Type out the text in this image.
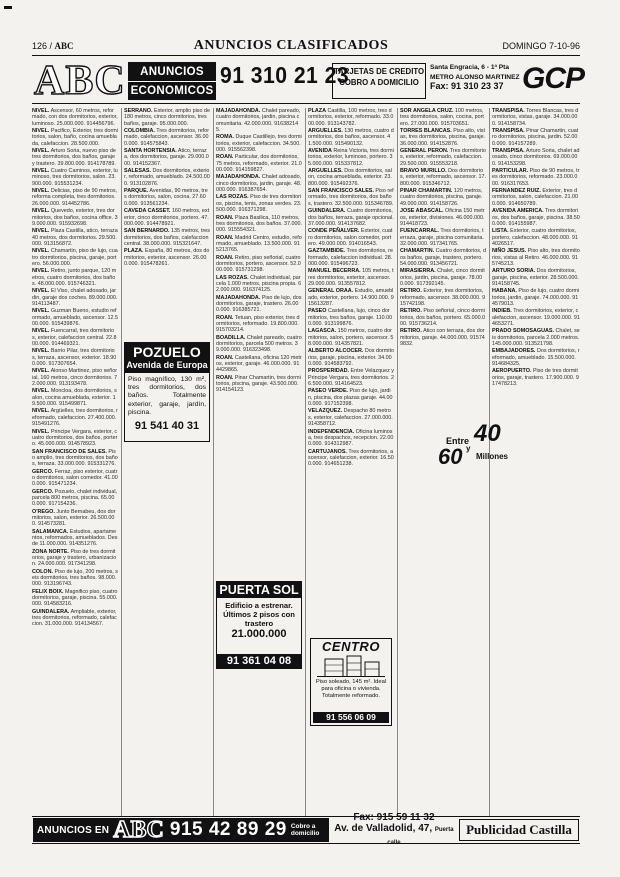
126 / ABC	ANUNCIOS CLASIFICADOS	DOMINGO 7-10-96
ABC	ANUNCIOS
ECONOMICOS
91 310 21 23
TARJETAS DE CREDITO
COBRO A DOMICILIO
Santa Engracia, 6 - 1ª Pta
METRO ALONSO MARTINEZ
Fax: 91 310 23 37 GCP
NIVEL. Ascensor, 60 metros, reformado, con dos dormitorios, exterior, luminoso. 25.000.000. 914456796.
NIVEL. Pacifico, Exterior, tres dormitorios, salon, baño, cocina amueblada, calefaccion. 28.500.000.
NIVEL. Arturo Soria, nuevo piso de tres dormitorios, dos baños, garaje y trastero. 39.800.000. 914178789.
NIVEL. Cuatro Caminos, exterior, luminoso, tres dormitorios, salon. 23.900.000. 915531234.
NIVEL. Delicias, piso de 90 metros, reforma completa, tres dormitorios. 26.000.000. 914452786.
NIVEL. Quevedo, exterior, tres dormitorios, dos baños, cocina office. 39.000.000. 915932698.
NIVEL. Plaza Castilla, atico, terraza 40 metros, dos dormitorios. 29.500.000. 913156872.
NIVEL. Chamartin, piso de lujo, cuatro dormitorios, piscina, garaje, portero. 56.000.000.
NIVEL. Retiro, junto parque, 120 metros, cuatro dormitorios, dos baños. 48.000.000. 915746321.
NIVEL. El Viso, chalet adosado, jardin, garaje dos coches. 89.000.000. 914113487.
NIVEL. Guzman Bueno, estudio reformado, amueblado, ascensor. 12.500.000. 915439876.
NIVEL. Fuencarral, tres dormitorios, exterior, calefaccion central. 22.800.000. 914469321.
NIVEL. Barrio Pilar, tres dormitorios, terraza, ascensor, exterior. 18.900.000. 917307654.
NIVEL. Alonso Martinez, piso señorial, 160 metros, cinco dormitorios. 72.000.000. 913193478.
NIVEL. Moncloa, dos dormitorios, salon, cocina amueblada, exterior. 19.500.000. 915499871.
NIVEL. Argüelles, tres dormitorios, reformado, calefaccion. 27.400.000. 915491276.
NIVEL. Principe Vergara, exterior, cuatro dormitorios, dos baños, portero. 45.000.000. 914578923.
SAN FRANCISCO DE SALES. Piso amplio, tres dormitorios, dos baños, terraza. 33.000.000. 915331276.
GERCO. Ferraz, piso exterior, cuatro dormitorios, salon comedor. 41.000.000. 915471234.
GERCO. Pozuelo, chalet individual, parcela 800 metros, piscina. 65.000.000. 917154236.
O'REGO. Junto Bernabeu, dos dormitorios, salon, exterior. 26.500.000. 914573281.
SALAMANCA. Estudios, apartamentos, reformados, amueblados. Desde 11.000.000. 914351276.
ZONA NORTE. Piso de tres dormitorios, garaje y trastero, urbanizacion. 24.000.000. 917341298.
COLON. Piso de lujo, 200 metros, seis dormitorios, tres baños. 98.000.000. 913196743.
FELIX BOIX. Magnifico piso, cuatro dormitorios, garaje, piscina. 55.000.000. 914583216.
GUINDALERA. Ampliable, exterior, tres dormitorios, reformado, calefaccion. 31.000.000. 914134567.
SERRANO. Exterior, amplio piso de 180 metros, cinco dormitorios, tres baños, garaje. 95.000.000.
COLOMBIA. Tres dormitorios, reformado, calefaccion, ascensor. 36.000.000. 914575843.
SANTA HORTENSIA. Atico, terraza, dos dormitorios, garaje. 29.000.000. 914152367.
SALESAS. Dos dormitorios, exterior, reformado, amueblado. 24.500.000. 913102876.
PARQUE. Avenidas, 90 metros, tres dormitorios, salon, cocina. 27.600.000. 913561234.
CAVEDA CASSET. 160 metros, exterior, cinco dormitorios, portero. 47.000.000. 914478921.
SAN BERNARDO. 135 metros, tres dormitorios, dos baños, calefaccion central. 38.000.000. 915321647.
PLAZA. España, 80 metros, dos dormitorios, exterior, ascensor. 26.000.000. 915478261.
MAJADAHONDA. Chalet pareado, cuatro dormitorios, jardin, piscina comunitaria. 42.000.000. 916382145.
ROMA. Duque Castillejo, tres dormitorios, exterior, calefaccion. 34.500.000. 915562398.
ROAN. Particular, dos dormitorios, 75 metros, reformado, exterior. 21.000.000. 914159827.
MAJADAHONDA. Chalet adosado, cinco dormitorios, jardin, garaje. 48.000.000. 916387654.
LAS ROZAS. Piso de tres dormitorios, piscina, tenis, zonas verdes. 23.500.000. 916371298.
ROAN. Plaza Basilica, 110 metros, tres dormitorios, dos baños. 37.000.000. 915554321.
ROAN. Madrid Centro, estudio, reformado, amueblado. 13.500.000. 915213765.
ROAN. Retiro, piso señorial, cuatro dormitorios, portero, ascensor. 52.000.000. 915731298.
LAS ROZAS. Chalet individual, parcela 1.000 metros, piscina propia. 62.000.000. 916374125.
MAJADAHONDA. Piso de lujo, dos dormitorios, garaje, trastero. 26.000.000. 916385721.
ROAN. Tetuan, piso exterior, tres dormitorios, reformado. 19.800.000. 915703214.
BOADILLA. Chalet pareado, cuatro dormitorios, parcela 500 metros. 39.000.000. 916323498.
ROAN. Castellana, oficina 120 metros, exterior, garaje. 46.000.000. 914429865.
ROAN. Pinar Chamartin, tres dormitorios, piscina, garaje. 43.500.000. 914154123.
PLAZA Castilla, 100 metros, tres dormitorios, exterior, reformado. 33.000.000. 913143782.
ARGUELLES. 130 metros, cuatro dormitorios, dos baños, ascensor. 41.500.000. 915490132.
AVENIDA Reina Victoria, tres dormitorios, exterior, luminoso, portero. 35.000.000. 915337812.
ARGUELLES. Dos dormitorios, salon, cocina amueblada, exterior. 23.800.000. 915492376.
SAN FRANCISCO SALES. Piso reformado, tres dormitorios, dos baños, trastero. 32.500.000. 915346789.
GUINDALERA. Cuatro dormitorios, dos baños, terraza, garaje opcional. 37.000.000. 914137682.
CONDE PEÑALVER. Exterior, cuatro dormitorios, salon comedor, portero. 49.000.000. 914016543.
GAZTAMBIDE. Tres dormitorios, reformado, calefaccion individual. 28.000.000. 915496723.
MANUEL BECERRA. 105 metros, tres dormitorios, exterior, ascensor. 29.000.000. 913557812.
GENERAL ORAA. Estudio, amueblado, exterior, portero. 14.900.000. 915613287.
PASEO Castellana, lujo, cinco dormitorios, tres baños, garaje. 110.000.000. 913199876.
LAGASCA. 150 metros, cuatro dormitorios, salon, portero, ascensor. 58.000.000. 914357821.
ALBERTO ALCOCER. Dos dormitorios, garaje, piscina, exterior. 34.000.000. 914583792.
PROSPERIDAD. Entre Velazquez y Principe Vergara, tres dormitorios. 26.500.000. 914164523.
PASEO VERDE. Piso de lujo, jardin, piscina, dos plazas garaje. 44.000.000. 917152398.
VELAZQUEZ. Despacho 80 metros, exterior, calefaccion. 27.000.000. 914358712.
INDEPENDENCIA. Oficina luminosa, tres despachos, recepcion. 22.000.000. 914312987.
CARTUJANOS. Tres dormitorios, ascensor, calefaccion, exterior. 16.500.000. 914651238.
SOR ANGELA CRUZ. 100 metros, tres dormitorios, salon, cocina, portero. 27.000.000. 915703651.
TORRES BLANCAS. Piso alto, vistas, tres dormitorios, piscina, garaje. 36.000.000. 914152876.
GENERAL PERON. Tres dormitorios, exterior, reformado, calefaccion. 29.500.000. 915553218.
BRAVO MURILLO. Dos dormitorios, exterior, reformado, ascensor. 17.800.000. 915346712.
PINAR CHAMARTIN. 120 metros, cuatro dormitorios, piscina, garaje. 49.000.000. 914158726.
JOSE ABASCAL. Oficina 150 metros, exterior, divisiones. 46.000.000. 914418723.
FUENCARRAL. Tres dormitorios, terraza, garaje, piscina comunitaria. 32.000.000. 917341765.
CHAMARTIN. Cuatro dormitorios, dos baños, garaje, trastero, portero. 54.000.000. 913456721.
MIRASIERRA. Chalet, cinco dormitorios, jardin, piscina, garaje. 78.000.000. 917392145.
RETIRO. Exterior, tres dormitorios, reformado, ascensor. 38.000.000. 915742198.
RETIRO. Piso señorial, cinco dormitorios, dos baños, portero. 65.000.000. 915736214.
RETIRO. Atico con terraza, dos dormitorios, garaje. 44.000.000. 915749832.
TRANSPISA. Torres Blancas, tres dormitorios, vistas, garaje. 34.000.000. 914158734.
TRANSPISA. Pinar Chamartin, cuatro dormitorios, piscina, jardin. 52.000.000. 914157289.
TRANSPISA. Arturo Soria, chalet adosado, cinco dormitorios. 69.000.000. 914153298.
PARTICULAR. Piso de 90 metros, tres dormitorios, reformado. 23.000.000. 916317653.
FERNANDEZ RUIZ. Exterior, tres dormitorios, salon, calefaccion. 21.000.000. 914650789.
AVENIDA AMERICA. Tres dormitorios, dos baños, garaje, piscina. 38.500.000. 914155987.
LISTA. Exterior, cuatro dormitorios, portero, calefaccion. 48.000.000. 914026517.
NIÑO JESUS. Piso alto, tres dormitorios, vistas al Retiro. 46.000.000. 915745213.
ARTURO SORIA. Dos dormitorios, garaje, piscina, exterior. 28.500.000. 914158745.
HABANA. Piso de lujo, cuatro dormitorios, jardin, garaje. 74.000.000. 914579013.
INDIEB. Tres dormitorios, exterior, calefaccion, ascensor. 19.000.000. 914653271.
PRADO SOMOSAGUAS. Chalet, seis dormitorios, parcela 2.000 metros. 145.000.000. 913521798.
EMBAJADORES. Dos dormitorios, reformado, amueblado. 15.500.000. 914684325.
AEROPUERTO. Piso de tres dormitorios, garaje, trastero. 17.900.000. 917478213.
POZUELO
Avenida de Europa
Piso magnífico, 130 m², tres dormitorios, dos baños. Totalmente exterior, garaje, jardín, piscina.
91 541 40 31
PUERTA SOL
Edificio a estrenar. Últimos 2 pisos con trastero
21.000.000
91 361 04 08
CENTRO
Piso soleado, 145 m². Ideal para oficina o vivienda. Totalmente reformado.
91 556 06 09
Entre 40
y
60 Millones
ANUNCIOS EN ABC 915 42 89 29 Cobro a domicilio
Fax: 915 59 11 32
Av. de Valladolid, 47, Puerta calle
Publicidad Castilla
